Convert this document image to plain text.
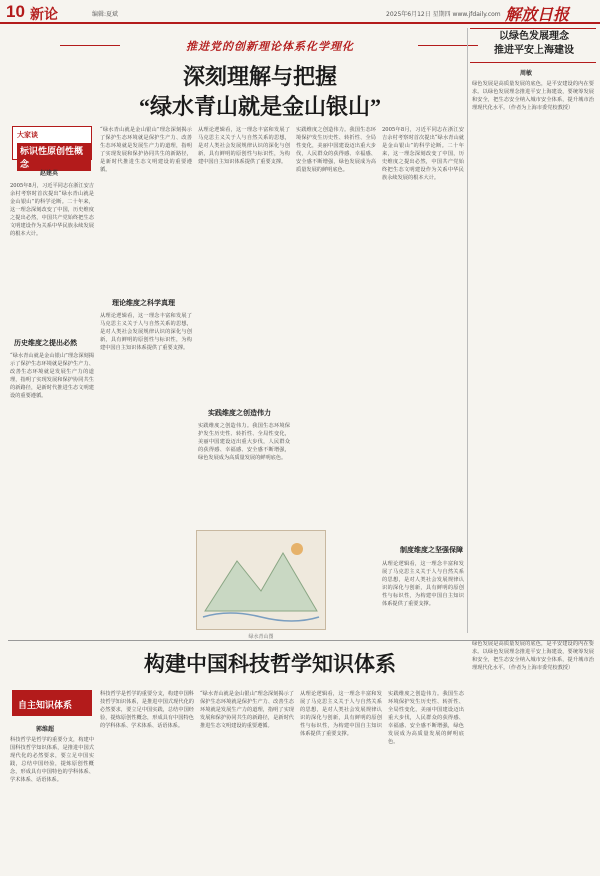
10 新论	编辑:夏斌	2025年6月12日 星期四 www.jfdaily.com 解放日报
推进党的创新理论体系化学理化
深刻理解与把握
“绿水青山就是金山银山”
大家谈
标识性原创性概念
赵建英

2005年8月，习近平同志在浙江安吉余村考察时首次提出“绿水青山就是金山银山”的科学论断。二十年来，这一理念深刻改变了中国，历史维度之提出必然，中国共产党始终把生态文明建设作为关系中华民族永续发展的根本大计。

历史维度之提出必然

“绿水青山就是金山银山”理念深刻揭示了保护生态环境就是保护生产力、改善生态环境就是发展生产力的道理，指明了实现发展和保护协同共生的新路径，是新时代推进生态文明建设的重要遵循。

“绿水青山就是金山银山”理念深刻揭示了保护生态环境就是保护生产力、改善生态环境就是发展生产力的道理，指明了实现发展和保护协同共生的新路径，是新时代推进生态文明建设的重要遵循。

理论维度之科学真理

从理论逻辑看，这一理念丰富和发展了马克思主义关于人与自然关系的思想，是对人类社会发展规律认识的深化与创新，具有鲜明的原创性与标识性，为构建中国自主知识体系提供了重要支撑。

从理论逻辑看，这一理念丰富和发展了马克思主义关于人与自然关系的思想，是对人类社会发展规律认识的深化与创新，具有鲜明的原创性与标识性，为构建中国自主知识体系提供了重要支撑。

实践维度之创造伟力

实践维度之创造伟力。我国生态环境保护发生历史性、转折性、全局性变化，美丽中国建设迈出重大步伐，人民群众的获得感、幸福感、安全感不断增强，绿色发展成为高质量发展的鲜明底色。

实践维度之创造伟力。我国生态环境保护发生历史性、转折性、全局性变化，美丽中国建设迈出重大步伐，人民群众的获得感、幸福感、安全感不断增强，绿色发展成为高质量发展的鲜明底色。

2005年8月，习近平同志在浙江安吉余村考察时首次提出“绿水青山就是金山银山”的科学论断。二十年来，这一理念深刻改变了中国，历史维度之提出必然，中国共产党始终把生态文明建设作为关系中华民族永续发展的根本大计。

绿水青山图
制度维度之坚强保障

从理论逻辑看，这一理念丰富和发展了马克思主义关于人与自然关系的思想，是对人类社会发展规律认识的深化与创新，具有鲜明的原创性与标识性，为构建中国自主知识体系提供了重要支撑。

以绿色发展理念
推进平安上海建设
周敏

绿色发展是高质量发展的底色，是平安建设的内在要求。以绿色发展理念推进平安上海建设，要统筹发展和安全，把生态安全纳入城市安全体系，提升城市治理现代化水平。（作者为上海市委党校教授）

构建中国科技哲学知识体系
自主知识体系
郭维超

科技哲学是哲学的重要分支，构建中国科技哲学知识体系，是推进中国式现代化的必然要求，要立足中国实践，总结中国经验，提炼原创性概念，形成具有中国特色的学科体系、学术体系、话语体系。

科技哲学是哲学的重要分支，构建中国科技哲学知识体系，是推进中国式现代化的必然要求，要立足中国实践，总结中国经验，提炼原创性概念，形成具有中国特色的学科体系、学术体系、话语体系。

“绿水青山就是金山银山”理念深刻揭示了保护生态环境就是保护生产力、改善生态环境就是发展生产力的道理，指明了实现发展和保护协同共生的新路径，是新时代推进生态文明建设的重要遵循。

从理论逻辑看，这一理念丰富和发展了马克思主义关于人与自然关系的思想，是对人类社会发展规律认识的深化与创新，具有鲜明的原创性与标识性，为构建中国自主知识体系提供了重要支撑。

实践维度之创造伟力。我国生态环境保护发生历史性、转折性、全局性变化，美丽中国建设迈出重大步伐，人民群众的获得感、幸福感、安全感不断增强，绿色发展成为高质量发展的鲜明底色。

绿色发展是高质量发展的底色，是平安建设的内在要求。以绿色发展理念推进平安上海建设，要统筹发展和安全，把生态安全纳入城市安全体系，提升城市治理现代化水平。（作者为上海市委党校教授）
